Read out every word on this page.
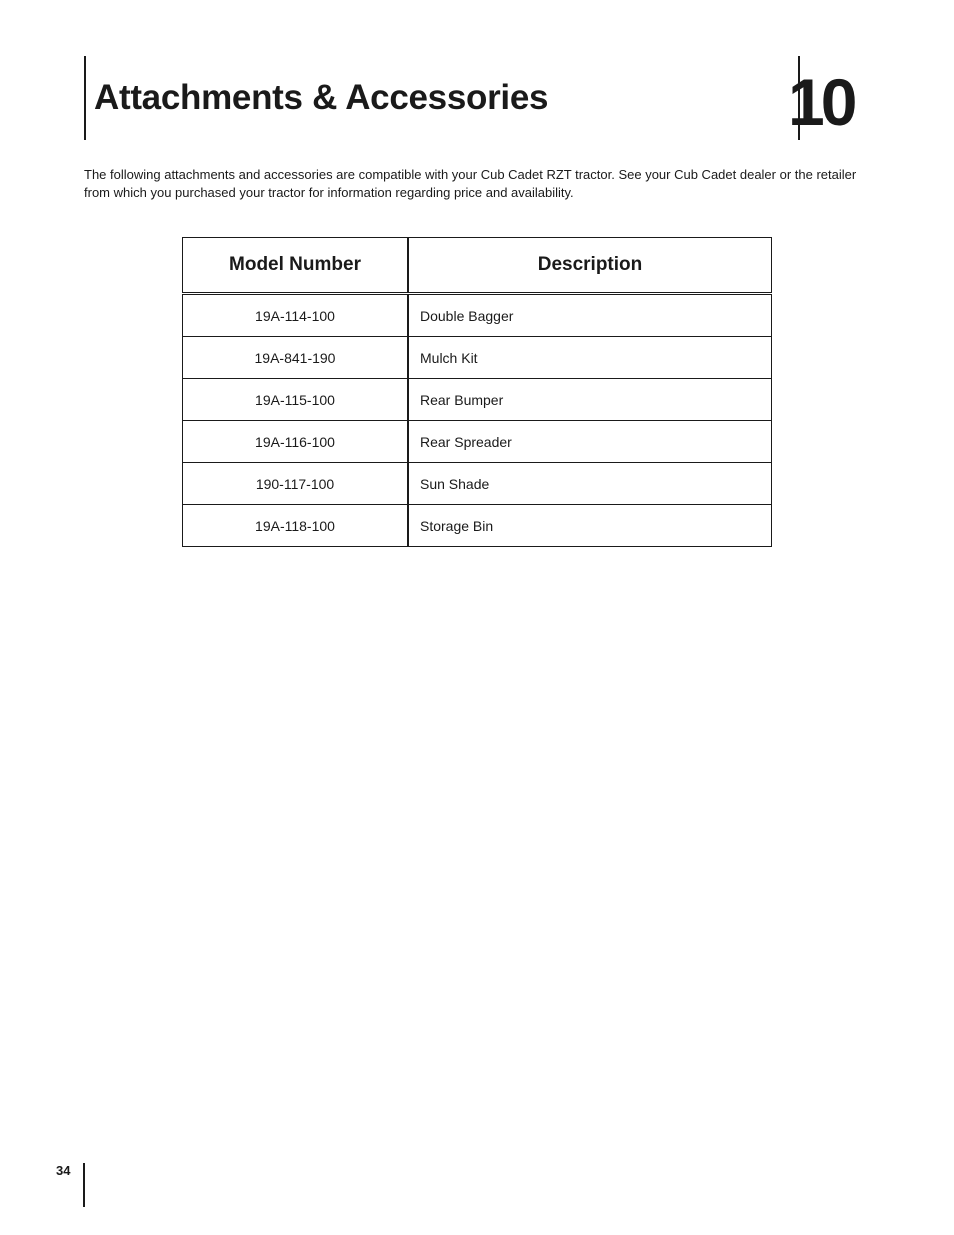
Attachments & Accessories	10

The following attachments and accessories are compatible with your Cub Cadet RZT tractor. See your Cub Cadet dealer or the retailer from which you purchased your tractor for information regarding price and availability.

Model Number	Description
19A-114-100	Double Bagger
19A-841-190	Mulch Kit
19A-115-100	Rear Bumper
19A-116-100	Rear Spreader
190-117-100	Sun Shade
19A-118-100	Storage Bin
34
